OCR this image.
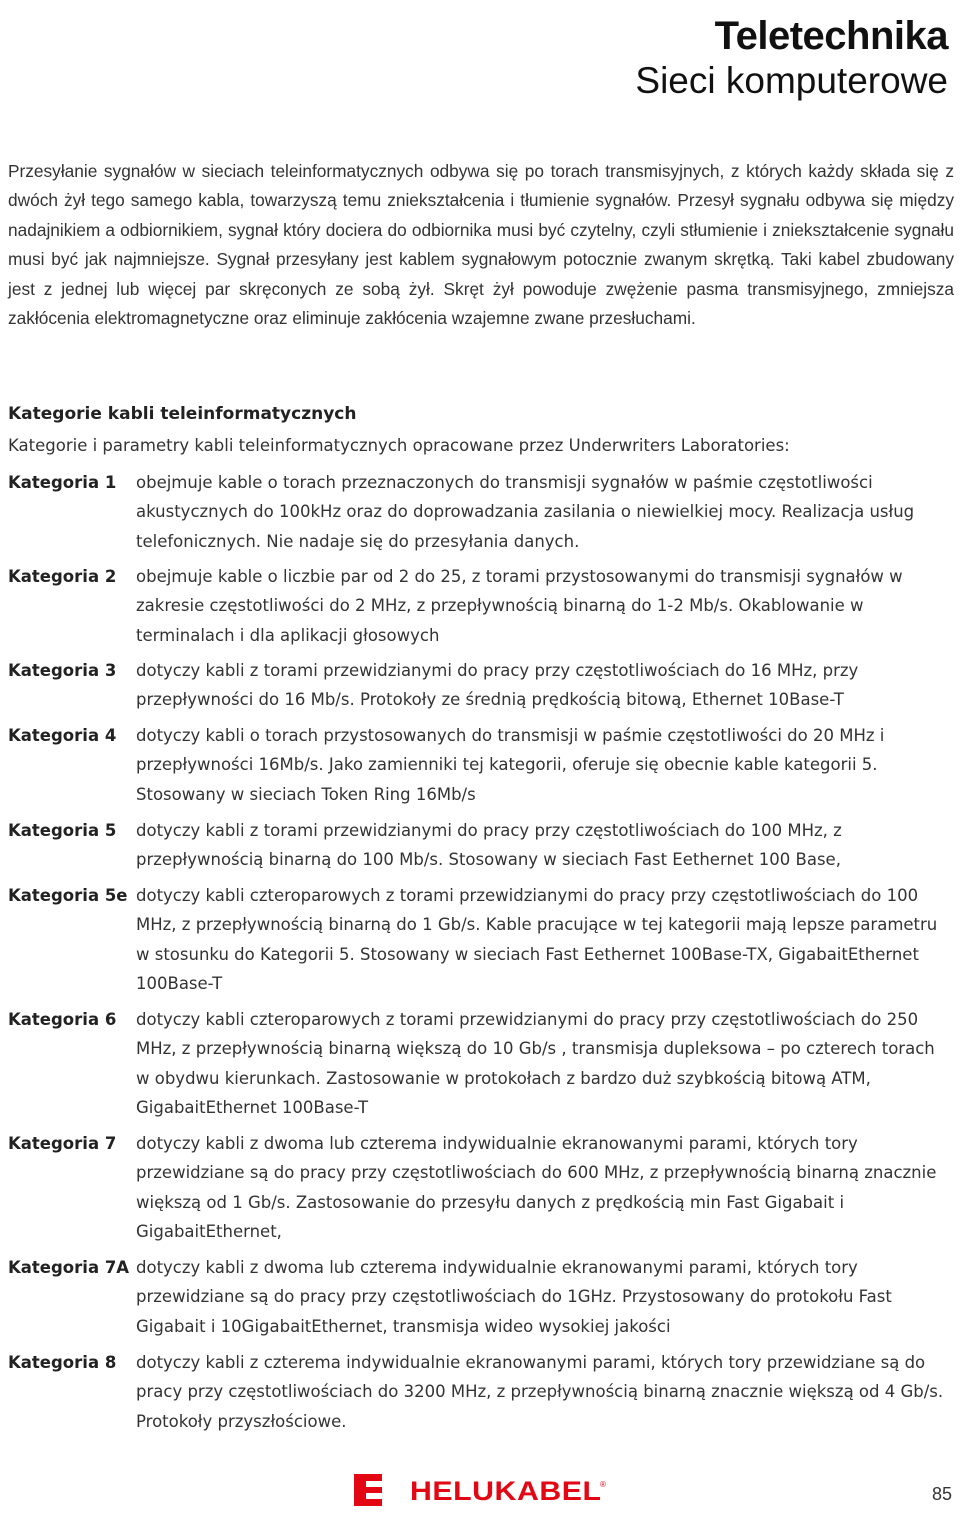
Teletechnika
Sieci komputerowe

Przesyłanie sygnałów w sieciach teleinformatycznych odbywa się po torach transmisyjnych, z których każdy składa się z dwóch żył tego samego kabla, towarzyszą temu zniekształcenia i tłumienie sygnałów. Przesył sygnału odbywa się między nadajnikiem a odbiornikiem, sygnał który dociera do odbiornika musi być czytelny, czyli stłumienie i zniekształcenie sygnału musi być jak najmniejsze. Sygnał przesyłany jest kablem sygnałowym potocznie zwanym skrętką. Taki kabel zbudowany jest z jednej lub więcej par skręconych ze sobą żył. Skręt żył powoduje zwężenie pasma transmisyjnego, zmniejsza zakłócenia elektromagnetyczne oraz eliminuje zakłócenia wzajemne zwane przesłuchami.

Kategorie kabli teleinformatycznych
Kategorie i parametry kabli teleinformatycznych opracowane przez Underwriters Laboratories:
Kategoria 1	obejmuje kable o torach przeznaczonych do transmisji sygnałów w paśmie częstotliwości akustycznych do 100kHz oraz do doprowadzania zasilania o niewielkiej mocy. Realizacja usług telefonicznych. Nie nadaje się do przesyłania danych.
Kategoria 2	obejmuje kable o liczbie par od 2 do 25, z torami przystosowanymi do transmisji sygnałów w zakresie częstotliwości do 2 MHz, z przepływnością binarną do 1-2 Mb/s. Okablowanie w terminalach i dla aplikacji głosowych
Kategoria 3	dotyczy kabli z torami przewidzianymi do pracy przy częstotliwościach do 16 MHz, przy przepływności do 16 Mb/s. Protokoły ze średnią prędkością bitową, Ethernet 10Base-T
Kategoria 4	dotyczy kabli o torach przystosowanych do transmisji w paśmie częstotliwości do 20 MHz i przepływności 16Mb/s. Jako zamienniki tej kategorii, oferuje się obecnie kable kategorii 5. Stosowany w sieciach Token Ring 16Mb/s
Kategoria 5	dotyczy kabli z torami przewidzianymi do pracy przy częstotliwościach do 100 MHz, z przepływnością binarną do 100 Mb/s. Stosowany w sieciach Fast Eethernet 100 Base,
Kategoria 5e dotyczy kabli czteroparowych z torami przewidzianymi do pracy przy częstotliwościach do 100 MHz, z przepływnością binarną do 1 Gb/s. Kable pracujące w tej kategorii mają lepsze parametru w stosunku do Kategorii 5. Stosowany w sieciach Fast Eethernet 100Base-TX, GigabaitEthernet 100Base-T
Kategoria 6	dotyczy kabli czteroparowych z torami przewidzianymi do pracy przy częstotliwościach do 250 MHz, z przepływnością binarną większą do 10 Gb/s , transmisja dupleksowa – po czterech torach w obydwu kierunkach. Zastosowanie w protokołach z bardzo duż szybkością bitową ATM, GigabaitEthernet 100Base-T
Kategoria 7	dotyczy kabli z dwoma lub czterema indywidualnie ekranowanymi parami, których tory przewidziane są do pracy przy częstotliwościach do 600 MHz, z przepływnością binarną znacznie większą od 1 Gb/s. Zastosowanie do przesyłu danych z prędkością min Fast Gigabait i GigabaitEthernet,
Kategoria 7A dotyczy kabli z dwoma lub czterema indywidualnie ekranowanymi parami, których tory przewidziane są do pracy przy częstotliwościach do 1GHz. Przystosowany do protokołu Fast Gigabait i 10GigabaitEthernet, transmisja wideo wysokiej jakości
Kategoria 8	dotyczy kabli z czterema indywidualnie ekranowanymi parami, których tory przewidziane są do pracy przy częstotliwościach do 3200 MHz, z przepływnością binarną znacznie większą od 4 Gb/s. Protokoły przyszłościowe.
HELUKABEL
®	85
